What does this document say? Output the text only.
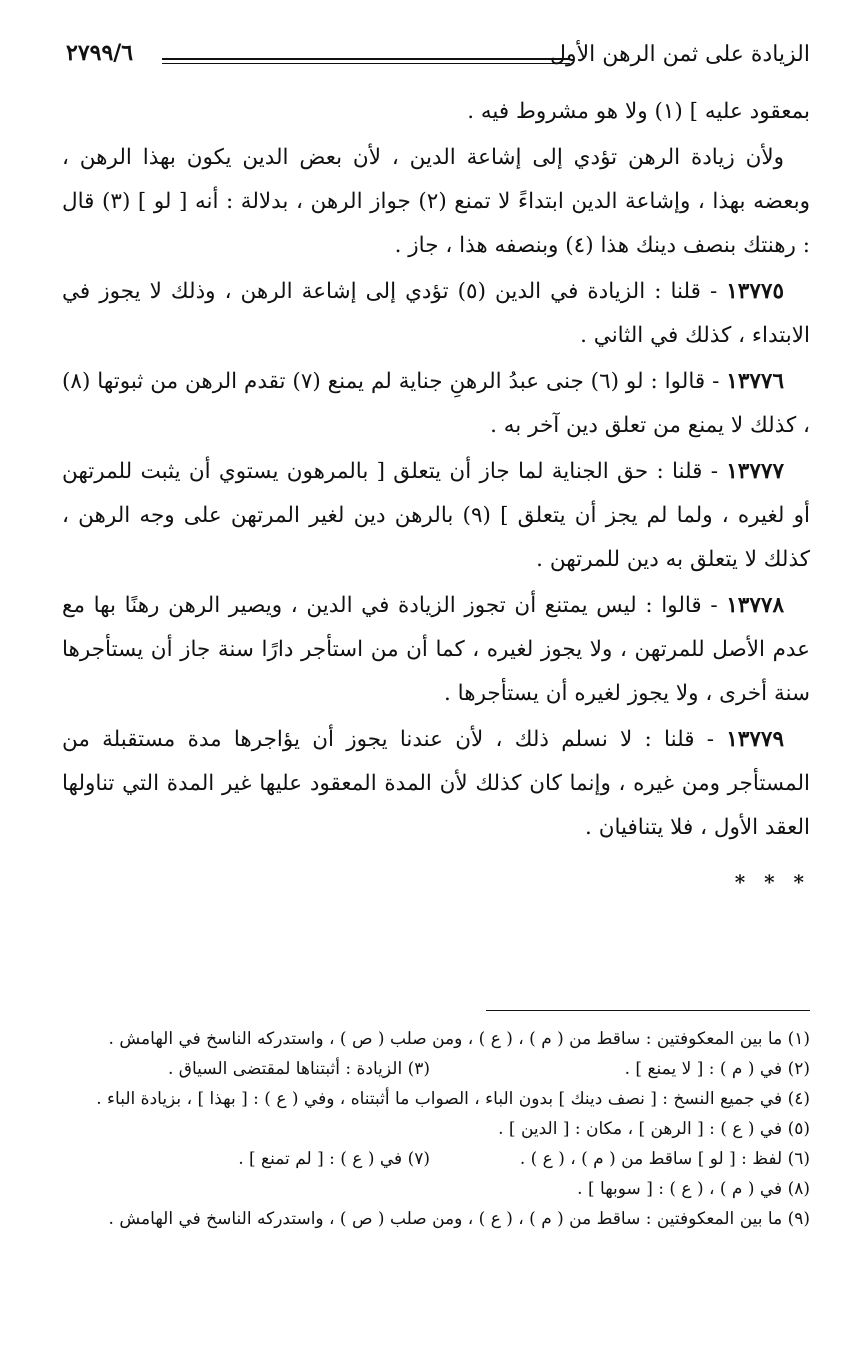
الزيادة على ثمن الرهن الأول
٢٧٩٩/٦

بمعقود عليه ] (١) ولا هو مشروط فيه .

ولأن زيادة الرهن تؤدي إلى إشاعة الدين ، لأن بعض الدين يكون بهذا الرهن ، وبعضه بهذا ، وإشاعة الدين ابتداءً لا تمنع (٢) جواز الرهن ، بدلالة : أنه [ لو ] (٣) قال : رهنتك بنصف دينك هذا (٤) وبنصفه هذا ، جاز .

١٣٧٧٥ - قلنا : الزيادة في الدين (٥) تؤدي إلى إشاعة الرهن ، وذلك لا يجوز في الابتداء ، كذلك في الثاني .

١٣٧٧٦ - قالوا : لو (٦) جنى عبدُ الرهنِ جناية لم يمنع (٧) تقدم الرهن من ثبوتها (٨) ، كذلك لا يمنع من تعلق دين آخر به .

١٣٧٧٧ - قلنا : حق الجناية لما جاز أن يتعلق [ بالمرهون يستوي أن يثبت للمرتهن أو لغيره ، ولما لم يجز أن يتعلق ] (٩) بالرهن دين لغير المرتهن على وجه الرهن ، كذلك لا يتعلق به دين للمرتهن .

١٣٧٧٨ - قالوا : ليس يمتنع أن تجوز الزيادة في الدين ، ويصير الرهن رهنًا بها مع عدم الأصل للمرتهن ، ولا يجوز لغيره ، كما أن من استأجر دارًا سنة جاز أن يستأجرها سنة أخرى ، ولا يجوز لغيره أن يستأجرها .

١٣٧٧٩ - قلنا : لا نسلم ذلك ، لأن عندنا يجوز أن يؤاجرها مدة مستقبلة من المستأجر ومن غيره ، وإنما كان كذلك لأن المدة المعقود عليها غير المدة التي تناولها العقد الأول ، فلا يتنافيان .

* * *
(١) ما بين المعكوفتين : ساقط من ( م ) ، ( ع ) ، ومن صلب ( ص ) ، واستدركه الناسخ في الهامش .
(٢) في ( م ) : [ لا يمنع ] .
(٣) الزيادة : أثبتناها لمقتضى السياق .
(٤) في جميع النسخ : [ نصف دينك ] بدون الباء ، الصواب ما أثبتناه ، وفي ( ع ) : [ بهذا ] ، بزيادة الباء .
(٥) في ( ع ) : [ الرهن ] ، مكان : [ الدين ] .
(٦) لفظ : [ لو ] ساقط من ( م ) ، ( ع ) .
(٧) في ( ع ) : [ لم تمنع ] .
(٨) في ( م ) ، ( ع ) : [ سوبها ] .
(٩) ما بين المعكوفتين : ساقط من ( م ) ، ( ع ) ، ومن صلب ( ص ) ، واستدركه الناسخ في الهامش .
